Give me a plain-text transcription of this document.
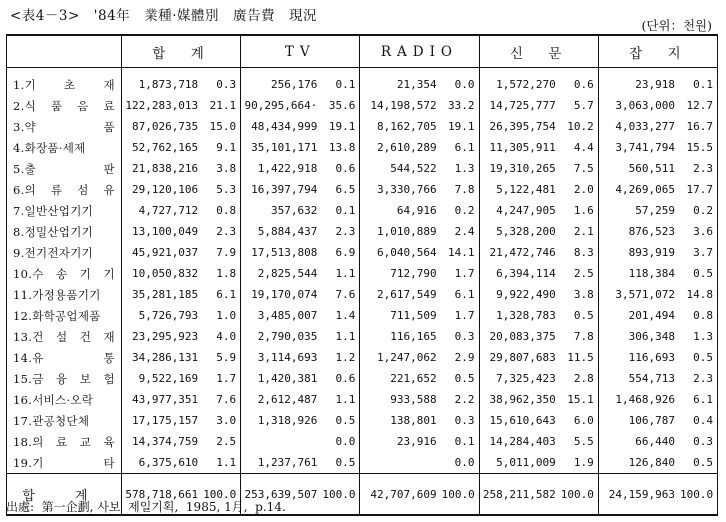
<表4－3>　'84年　業種·媒體別　廣告費　現況
(단위：천원)
	합　계		TV		RADIO		신　문		잡　지	
1.기 초 재	1,873,718	0.3	256,176	0.1	21,354	0.0	1,572,270	0.6	23,918	0.1
2.식 품 음 료	122,283,013	21.1	90,295,664·	35.6	14,198,572	33.2	14,725,777	5.7	3,063,000	12.7
3.약 품	87,026,735	15.0	48,434,999	19.1	8,162,705	19.1	26,395,754	10.2	4,033,277	16.7
4.화장품·세제	52,762,165	9.1	35,101,171	13.8	2,610,289	6.1	11,305,911	4.4	3,741,794	15.5
5.출 판	21,838,216	3.8	1,422,918	0.6	544,522	1.3	19,310,265	7.5	560,511	2.3
6.의 류 섬 유	29,120,106	5.3	16,397,794	6.5	3,330,766	7.8	5,122,481	2.0	4,269,065	17.7
7.일반산업기기	4,727,712	0.8	357,632	0.1	64,916	0.2	4,247,905	1.6	57,259	0.2
8.정밀산업기기	13,100,049	2.3	5,884,437	2.3	1,010,889	2.4	5,328,200	2.1	876,523	3.6
9.전기전자기기	45,921,037	7.9	17,513,808	6.9	6,040,564	14.1	21,472,746	8.3	893,919	3.7
10.수 송 기 기	10,050,832	1.8	2,825,544	1.1	712,790	1.7	6,394,114	2.5	118,384	0.5
11.가정용품기기	35,281,185	6.1	19,170,074	7.6	2,617,549	6.1	9,922,490	3.8	3,571,072	14.8
12.화학공업제품	5,726,793	1.0	3,485,007	1.4	711,509	1.7	1,328,783	0.5	201,494	0.8
13.건 설 건 재	23,295,923	4.0	2,790,035	1.1	116,165	0.3	20,083,375	7.8	306,348	1.3
14.유 통	34,286,131	5.9	3,114,693	1.2	1,247,062	2.9	29,807,683	11.5	116,693	0.5
15.금 융 보 험	9,522,169	1.7	1,420,381	0.6	221,652	0.5	7,325,423	2.8	554,713	2.3
16.서비스·오락	43,977,351	7.6	2,612,487	1.1	933,588	2.2	38,962,350	15.1	1,468,926	6.1
17.관공청단체	17,175,157	3.0	1,318,926	0.5	138,801	0.3	15,610,643	6.0	106,787	0.4
18.의 료 교 육	14,374,759	2.5		0.0	23,916	0.1	14,284,403	5.5	66,440	0.3
19.기 타	6,375,610	1.1	1,237,761	0.5		0.0	5,011,009	1.9	126,840	0.5
합 계	578,718,661	100.0	253,639,507	100.0	42,707,609	100.0	258,211,582	100.0	24,159,963	100.0
出處:  第一企劃, 사보  제일기획,  1985, 1月,  p.14.
